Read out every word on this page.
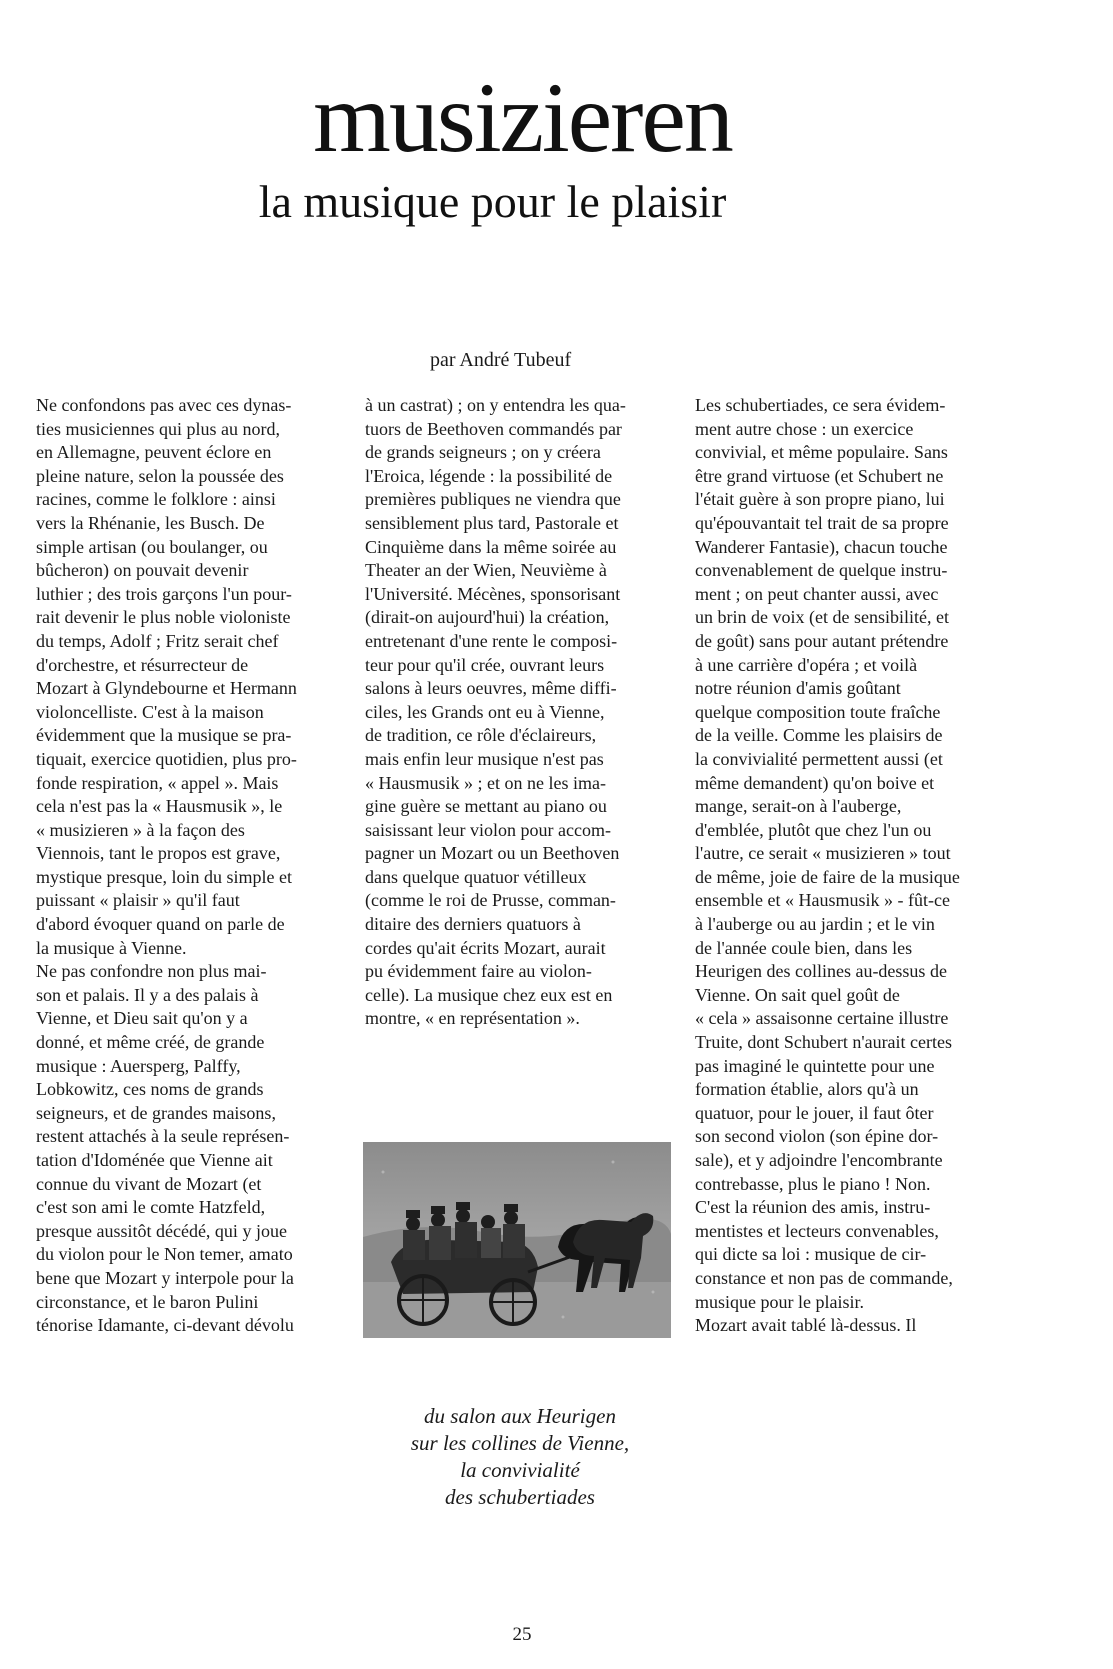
musizieren
la musique pour le plaisir
par André Tubeuf
Ne confondons pas avec ces dynas-
ties musiciennes qui plus au nord,
en Allemagne, peuvent éclore en
pleine nature, selon la poussée des
racines, comme le folklore : ainsi
vers la Rhénanie, les Busch. De
simple artisan (ou boulanger, ou
bûcheron) on pouvait devenir
luthier ; des trois garçons l'un pour-
rait devenir le plus noble violoniste
du temps, Adolf ; Fritz serait chef
d'orchestre, et résurrecteur de
Mozart à Glyndebourne et Hermann
violoncelliste. C'est à la maison
évidemment que la musique se pra-
tiquait, exercice quotidien, plus pro-
fonde respiration, « appel ». Mais
cela n'est pas la « Hausmusik », le
« musizieren » à la façon des
Viennois, tant le propos est grave,
mystique presque, loin du simple et
puissant « plaisir » qu'il faut
d'abord évoquer quand on parle de
la musique à Vienne.
Ne pas confondre non plus mai-
son et palais. Il y a des palais à
Vienne, et Dieu sait qu'on y a
donné, et même créé, de grande
musique : Auersperg, Palffy,
Lobkowitz, ces noms de grands
seigneurs, et de grandes maisons,
restent attachés à la seule représen-
tation d'Idoménée que Vienne ait
connue du vivant de Mozart (et
c'est son ami le comte Hatzfeld,
presque aussitôt décédé, qui y joue
du violon pour le Non temer, amato
bene que Mozart y interpole pour la
circonstance, et le baron Pulini
ténorise Idamante, ci-devant dévolu
à un castrat) ; on y entendra les qua-
tuors de Beethoven commandés par
de grands seigneurs ; on y créera
l'Eroica, légende : la possibilité de
premières publiques ne viendra que
sensiblement plus tard, Pastorale et
Cinquième dans la même soirée au
Theater an der Wien, Neuvième à
l'Université. Mécènes, sponsorisant
(dirait-on aujourd'hui) la création,
entretenant d'une rente le composi-
teur pour qu'il crée, ouvrant leurs
salons à leurs oeuvres, même diffi-
ciles, les Grands ont eu à Vienne,
de tradition, ce rôle d'éclaireurs,
mais enfin leur musique n'est pas
« Hausmusik » ; et on ne les ima-
gine guère se mettant au piano ou
saisissant leur violon pour accom-
pagner un Mozart ou un Beethoven
dans quelque quatuor vétilleux
(comme le roi de Prusse, comman-
ditaire des derniers quatuors à
cordes qu'ait écrits Mozart, aurait
pu évidemment faire au violon-
celle). La musique chez eux est en
montre, « en représentation ».
Les schubertiades, ce sera évidem-
ment autre chose : un exercice
convivial, et même populaire. Sans
être grand virtuose (et Schubert ne
l'était guère à son propre piano, lui
qu'épouvantait tel trait de sa propre
Wanderer Fantasie), chacun touche
convenablement de quelque instru-
ment ; on peut chanter aussi, avec
un brin de voix (et de sensibilité, et
de goût) sans pour autant prétendre
à une carrière d'opéra ; et voilà
notre réunion d'amis goûtant
quelque composition toute fraîche
de la veille. Comme les plaisirs de
la convivialité permettent aussi (et
même demandent) qu'on boive et
mange, serait-on à l'auberge,
d'emblée, plutôt que chez l'un ou
l'autre, ce serait « musizieren » tout
de même, joie de faire de la musique
ensemble et « Hausmusik » - fût-ce
à l'auberge ou au jardin ; et le vin
de l'année coule bien, dans les
Heurigen des collines au-dessus de
Vienne. On sait quel goût de
« cela » assaisonne certaine illustre
Truite, dont Schubert n'aurait certes
pas imaginé le quintette pour une
formation établie, alors qu'à un
quatuor, pour le jouer, il faut ôter
son second violon (son épine dor-
sale), et y adjoindre l'encombrante
contrebasse, plus le piano ! Non.
C'est la réunion des amis, instru-
mentistes et lecteurs convenables,
qui dicte sa loi : musique de cir-
constance et non pas de commande,
musique pour le plaisir.
Mozart avait tablé là-dessus. Il
du salon aux Heurigen
sur les collines de Vienne,
la convivialité
des schubertiades
25
